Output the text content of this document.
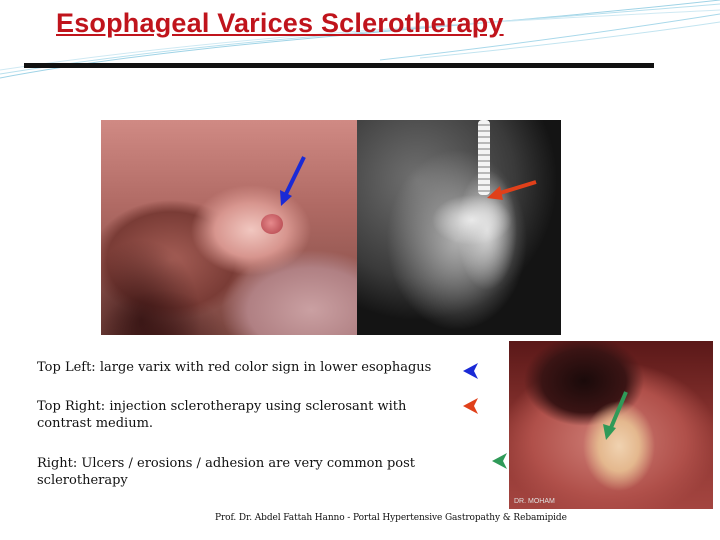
Esophageal Varices Sclerotherapy
DR. MOHAM
Top Left: large varix with red color sign in lower esophagus
Top Right: injection sclerotherapy using sclerosant with contrast medium.
Right: Ulcers / erosions / adhesion are very common post sclerotherapy
Prof. Dr. Abdel Fattah Hanno - Portal Hypertensive Gastropathy & Rebamipide
